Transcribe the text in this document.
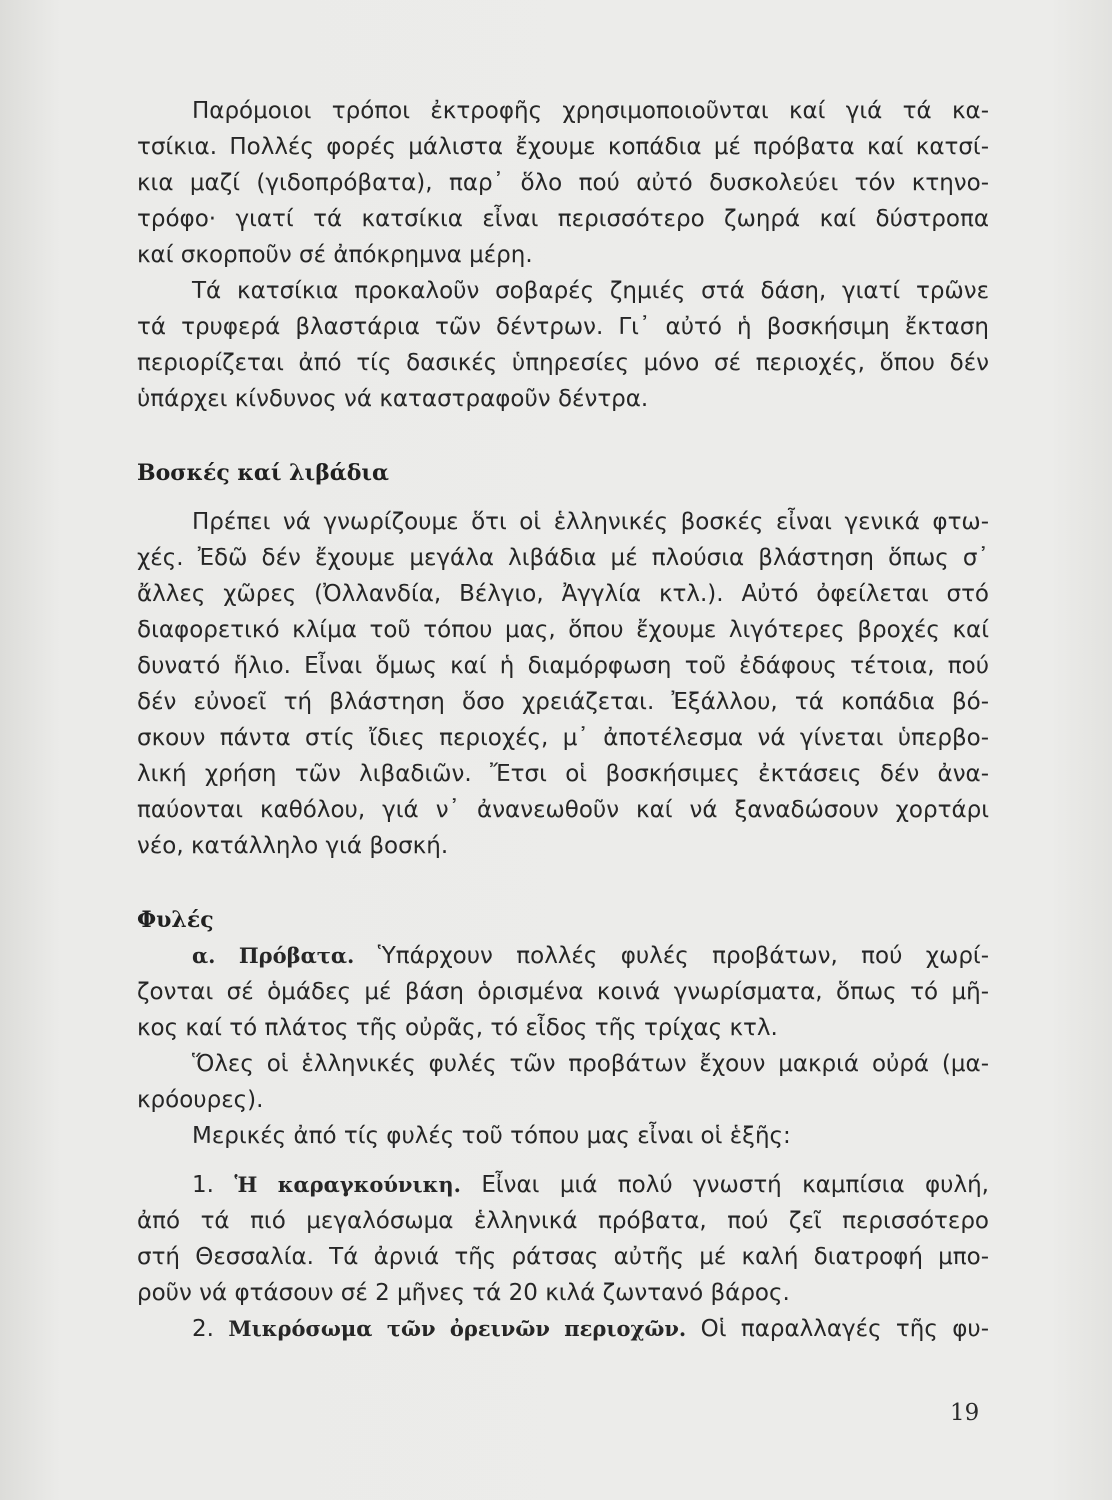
Παρόμοιοι τρόποι ἐκτροφῆς χρησιμοποιοῦνται καί γιά τά κα-
τσίκια. Πολλές φορές μάλιστα ἔχουμε κοπάδια μέ πρόβατα καί κατσί-
κια μαζί (γιδοπρόβατα), παρ᾿ ὅλο πού αὐτό δυσκολεύει τόν κτηνο-
τρόφο· γιατί τά κατσίκια εἶναι περισσότερο ζωηρά καί δύστροπα
καί σκορποῦν σέ ἀπόκρημνα μέρη.
Τά κατσίκια προκαλοῦν σοβαρές ζημιές στά δάση, γιατί τρῶνε
τά τρυφερά βλαστάρια τῶν δέντρων. Γι᾿ αὐτό ἡ βοσκήσιμη ἔκταση
περιορίζεται ἀπό τίς δασικές ὑπηρεσίες μόνο σέ περιοχές, ὅπου δέν
ὑπάρχει κίνδυνος νά καταστραφοῦν δέντρα.
Βοσκές καί λιβάδια
Πρέπει νά γνωρίζουμε ὅτι οἱ ἑλληνικές βοσκές εἶναι γενικά φτω-
χές. Ἐδῶ δέν ἔχουμε μεγάλα λιβάδια μέ πλούσια βλάστηση ὅπως σ᾿
ἄλλες χῶρες (Ὀλλανδία, Βέλγιο, Ἀγγλία κτλ.). Αὐτό ὀφείλεται στό
διαφορετικό κλίμα τοῦ τόπου μας, ὅπου ἔχουμε λιγότερες βροχές καί
δυνατό ἥλιο. Εἶναι ὅμως καί ἡ διαμόρφωση τοῦ ἐδάφους τέτοια, πού
δέν εὐνοεῖ τή βλάστηση ὅσο χρειάζεται. Ἐξάλλου, τά κοπάδια βό-
σκουν πάντα στίς ἴδιες περιοχές, μ᾿ ἀποτέλεσμα νά γίνεται ὑπερβο-
λική χρήση τῶν λιβαδιῶν. Ἔτσι οἱ βοσκήσιμες ἐκτάσεις δέν ἀνα-
παύονται καθόλου, γιά ν᾿ ἀνανεωθοῦν καί νά ξαναδώσουν χορτάρι
νέο, κατάλληλο γιά βοσκή.
Φυλές
α. Πρόβατα. Ὑπάρχουν πολλές φυλές προβάτων, πού χωρί-
ζονται σέ ὁμάδες μέ βάση ὁρισμένα κοινά γνωρίσματα, ὅπως τό μῆ-
κος καί τό πλάτος τῆς οὐρᾶς, τό εἶδος τῆς τρίχας κτλ.
Ὅλες οἱ ἑλληνικές φυλές τῶν προβάτων ἔχουν μακριά οὐρά (μα-
κρόουρες).
Μερικές ἀπό τίς φυλές τοῦ τόπου μας εἶναι οἱ ἑξῆς:
1. Ἡ καραγκούνικη. Εἶναι μιά πολύ γνωστή καμπίσια φυλή,
ἀπό τά πιό μεγαλόσωμα ἑλληνικά πρόβατα, πού ζεῖ περισσότερο
στή Θεσσαλία. Τά ἀρνιά τῆς ράτσας αὐτῆς μέ καλή διατροφή μπο-
ροῦν νά φτάσουν σέ 2 μῆνες τά 20 κιλά ζωντανό βάρος.
2. Μικρόσωμα τῶν ὀρεινῶν περιοχῶν. Οἱ παραλλαγές τῆς φυ-
19
